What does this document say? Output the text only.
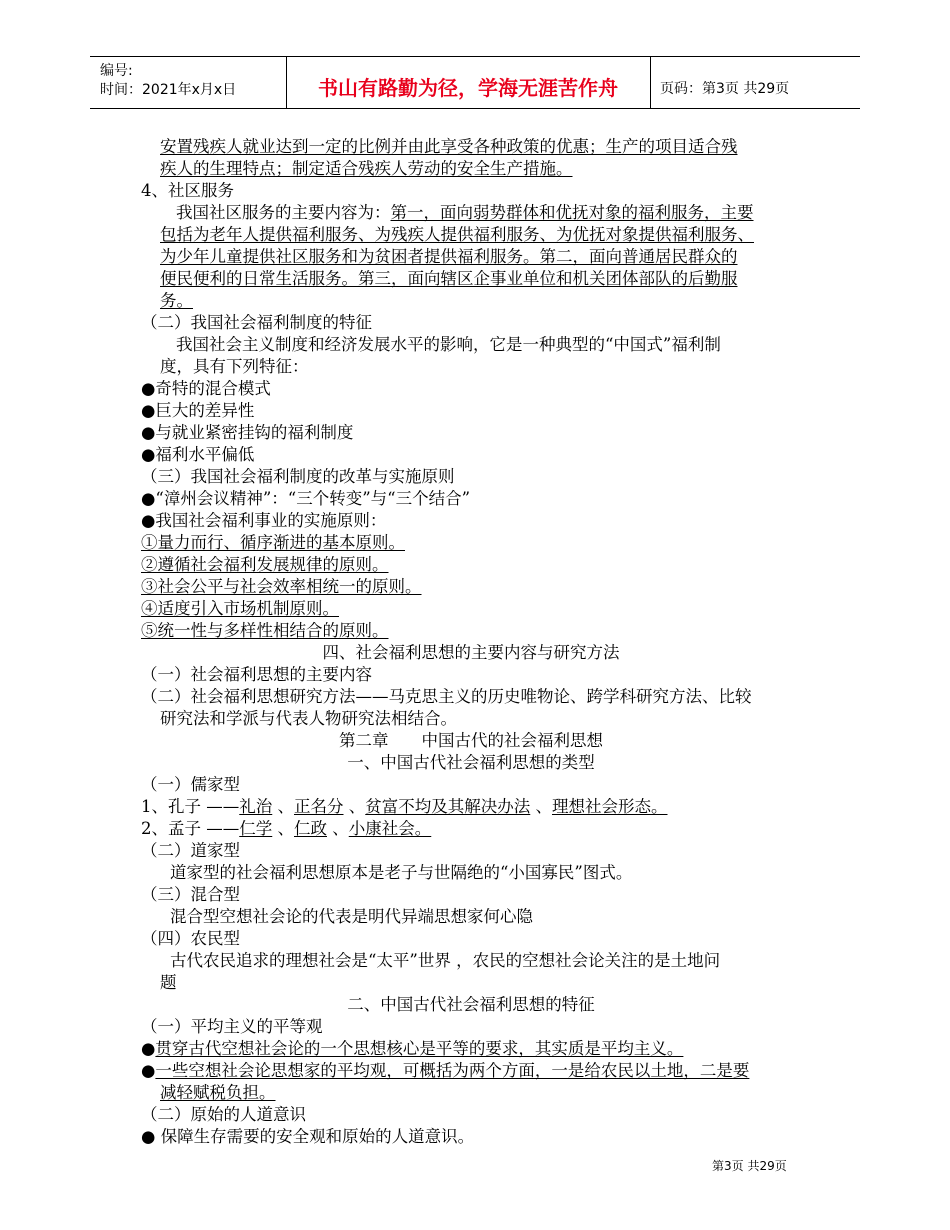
编号:
时间：2021年x月x日	书山有路勤为径，学海无涯苦作舟	页码：第3页 共29页
安置残疾人就业达到一定的比例并由此享受各种政策的优惠；生产的项目适合残
疾人的生理特点；制定适合残疾人劳动的安全生产措施。
4、社区服务
我国社区服务的主要内容为：第一，面向弱势群体和优抚对象的福利服务，主要
包括为老年人提供福利服务、为残疾人提供福利服务、为优抚对象提供福利服务、
为少年儿童提供社区服务和为贫困者提供福利服务。第二，面向普通居民群众的
便民便利的日常生活服务。第三，面向辖区企事业单位和机关团体部队的后勤服
务。
（二）我国社会福利制度的特征
我国社会主义制度和经济发展水平的影响，它是一种典型的“中国式”福利制
度，具有下列特征：
●奇特的混合模式
●巨大的差异性
●与就业紧密挂钩的福利制度
●福利水平偏低
（三）我国社会福利制度的改革与实施原则
●“漳州会议精神”：“三个转变”与“三个结合”
●我国社会福利事业的实施原则：
①量力而行、循序渐进的基本原则。
②遵循社会福利发展规律的原则。
③社会公平与社会效率相统一的原则。
④适度引入市场机制原则。
⑤统一性与多样性相结合的原则。
四、社会福利思想的主要内容与研究方法
（一）社会福利思想的主要内容
（二）社会福利思想研究方法——马克思主义的历史唯物论、跨学科研究方法、比较
研究法和学派与代表人物研究法相结合。
第二章　　中国古代的社会福利思想
一、中国古代社会福利思想的类型
（一）儒家型
1、孔子 ——礼治 、正名分 、贫富不均及其解决办法 、理想社会形态。
2、孟子 ——仁学 、仁政 、小康社会。
（二）道家型
道家型的社会福利思想原本是老子与世隔绝的“小国寡民”图式。
（三）混合型
混合型空想社会论的代表是明代异端思想家何心隐
（四）农民型
古代农民追求的理想社会是“太平”世界 ，农民的空想社会论关注的是土地问
题
二、中国古代社会福利思想的特征
（一）平均主义的平等观
●贯穿古代空想社会论的一个思想核心是平等的要求，其实质是平均主义。
●一些空想社会论思想家的平均观，可概括为两个方面，一是给农民以土地，二是要
减轻赋税负担。
（二）原始的人道意识
● 保障生存需要的安全观和原始的人道意识。
第3页 共29页
